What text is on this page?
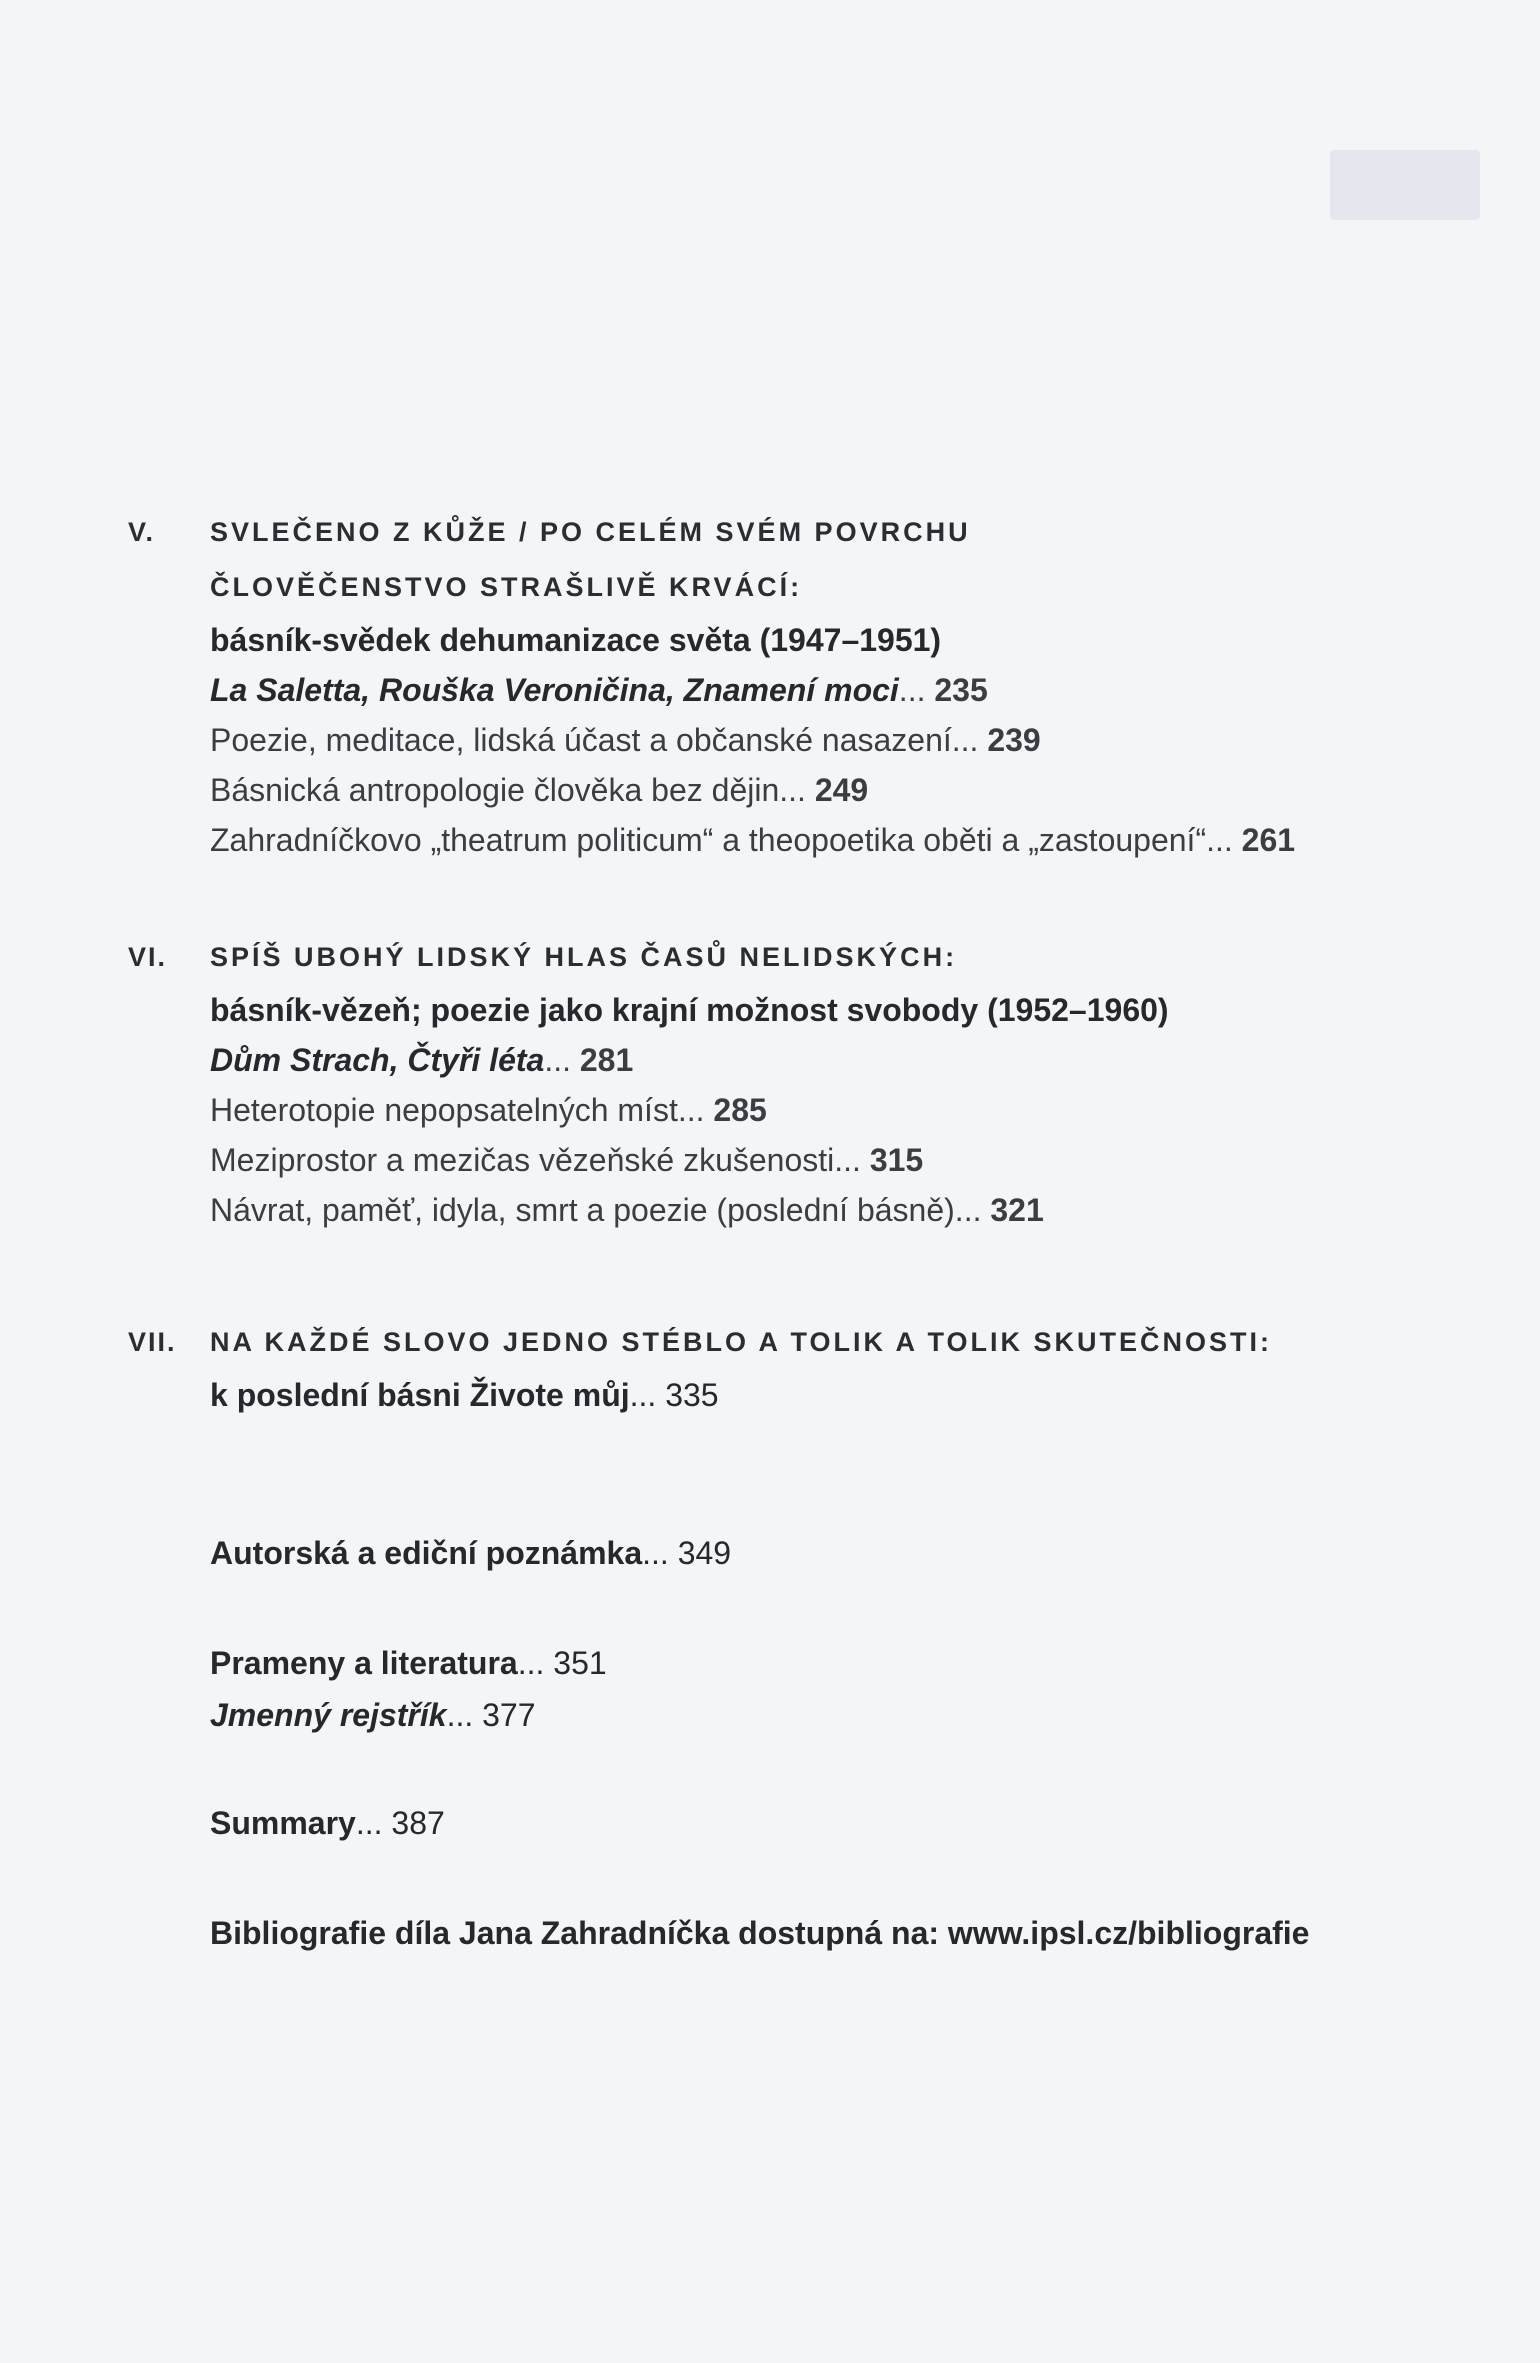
V.	SVLEČENO Z KŮŽE / PO CELÉM SVÉM POVRCHU
ČLOVĚČENSTVO STRAŠLIVĚ KRVÁCÍ:
básník-svědek dehumanizace světa (1947–1951)
La Saletta, Rouška Veroničina, Znamení moci... 235
Poezie, meditace, lidská účast a občanské nasazení... 239
Básnická antropologie člověka bez dějin... 249
Zahradníčkovo „theatrum politicum“ a theopoetika oběti a „zastoupení“... 261
VI.	SPÍŠ UBOHÝ LIDSKÝ HLAS ČASŮ NELIDSKÝCH:
básník-vězeň; poezie jako krajní možnost svobody (1952–1960)
Dům Strach, Čtyři léta... 281
Heterotopie nepopsatelných míst... 285
Meziprostor a mezičas vězeňské zkušenosti... 315
Návrat, paměť, idyla, smrt a poezie (poslední básně)... 321
VII.	NA KAŽDÉ SLOVO JEDNO STÉBLO A TOLIK A TOLIK SKUTEČNOSTI:
k poslední básni Živote můj... 335
Autorská a ediční poznámka... 349
Prameny a literatura... 351
Jmenný rejstřík... 377
Summary... 387
Bibliografie díla Jana Zahradníčka dostupná na: www.ipsl.cz/bibliografie
